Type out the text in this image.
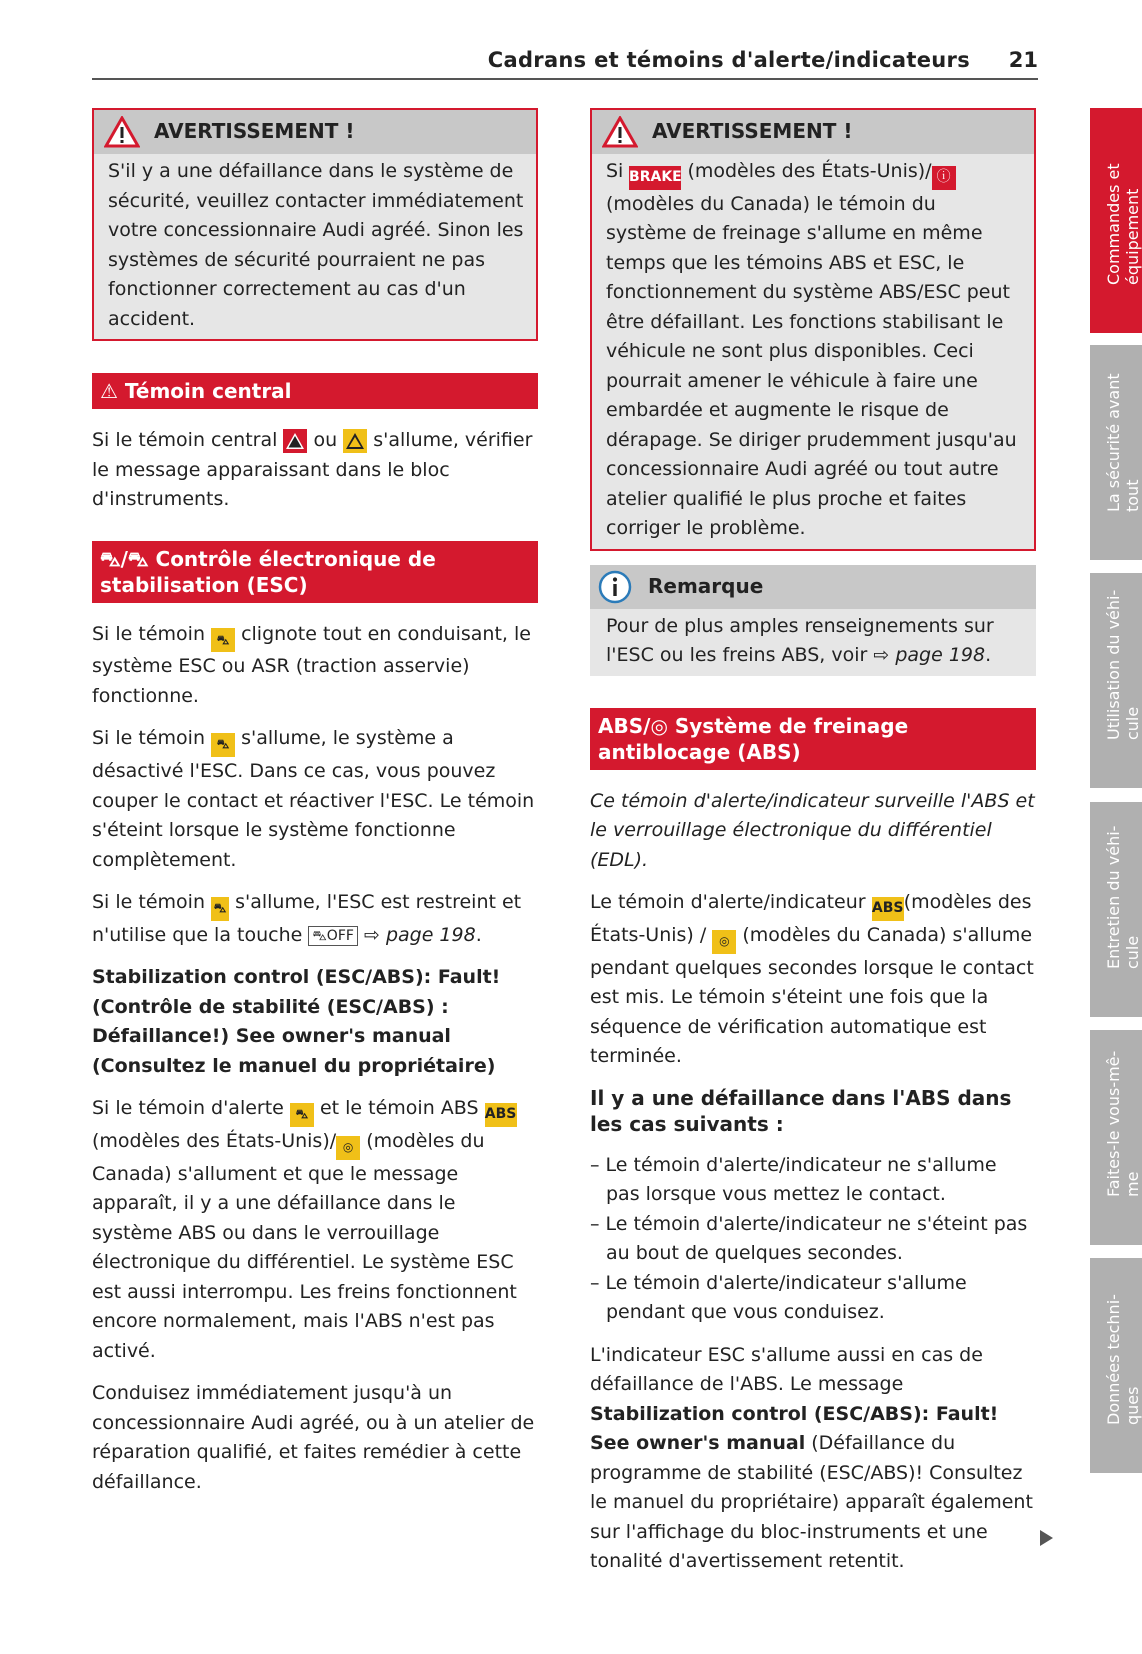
Cadrans et témoins d'alerte/indicateurs 21
AVERTISSEMENT !
S'il y a une défaillance dans le système de sécurité, veuillez contacter immédiatement votre concessionnaire Audi agréé. Sinon les systèmes de sécurité pourraient ne pas fonctionner correctement au cas d'un accident.
⚠ Témoin central

Si le témoin central ou s'allume, vérifier le message apparaissant dans le bloc d'instruments.

⛍/⛍ Contrôle électronique de stabilisation (ESC)

Si le témoin ⛍ clignote tout en conduisant, le système ESC ou ASR (traction asservie) fonctionne.

Si le témoin ⛍ s'allume, le système a désactivé l'ESC. Dans ce cas, vous pouvez couper le contact et réactiver l'ESC. Le témoin s'éteint lorsque le système fonctionne complètement.

Si le témoin ⛍ s'allume, l'ESC est restreint et n'utilise que la touche ⛍OFF ⇨ page 198.

Stabilization control (ESC/ABS): Fault! (Contrôle de stabilité (ESC/ABS) : Défaillance!) See owner's manual (Consultez le manuel du propriétaire)

Si le témoin d'alerte ⛍ et le témoin ABS ABS (modèles des États-Unis)/ ◎ (modèles du Canada) s'allument et que le message apparaît, il y a une défaillance dans le système ABS ou dans le verrouillage électronique du différentiel. Le système ESC est aussi interrompu. Les freins fonctionnent encore normalement, mais l'ABS n'est pas activé.

Conduisez immédiatement jusqu'à un concessionnaire Audi agréé, ou à un atelier de réparation qualifié, et faites remédier à cette défaillance.

AVERTISSEMENT !
Si BRAKE (modèles des États-Unis)/ ⓘ (modèles du Canada) le témoin du système de freinage s'allume en même temps que les témoins ABS et ESC, le fonctionnement du système ABS/ESC peut être défaillant. Les fonctions stabilisant le véhicule ne sont plus disponibles. Ceci pourrait amener le véhicule à faire une embardée et augmente le risque de dérapage. Se diriger prudemment jusqu'au concessionnaire Audi agréé ou tout autre atelier qualifié le plus proche et faites corriger le problème.
Remarque
Pour de plus amples renseignements sur l'ESC ou les freins ABS, voir ⇨ page 198.
ABS/◎ Système de freinage antiblocage (ABS)

Ce témoin d'alerte/indicateur surveille l'ABS et le verrouillage électronique du différentiel (EDL).

Le témoin d'alerte/indicateur ABS(modèles des États-Unis) / ◎ (modèles du Canada) s'allume pendant quelques secondes lorsque le contact est mis. Le témoin s'éteint une fois que la séquence de vérification automatique est terminée.

Il y a une défaillance dans l'ABS dans les cas suivants :

– Le témoin d'alerte/indicateur ne s'allume pas lorsque vous mettez le contact.

– Le témoin d'alerte/indicateur ne s'éteint pas au bout de quelques secondes.

– Le témoin d'alerte/indicateur s'allume pendant que vous conduisez.

L'indicateur ESC s'allume aussi en cas de défaillance de l'ABS. Le message Stabilization control (ESC/ABS): Fault! See owner's manual (Défaillance du programme de stabilité (ESC/ABS)! Consultez le manuel du propriétaire) apparaît également sur l'affichage du bloc-instruments et une tonalité d'avertissement retentit.

Commandes et équipement
La sécurité avant tout
Utilisation du véhi- cule
Entretien du véhi- cule
Faites-le vous-mê- me
Données techni- ques
